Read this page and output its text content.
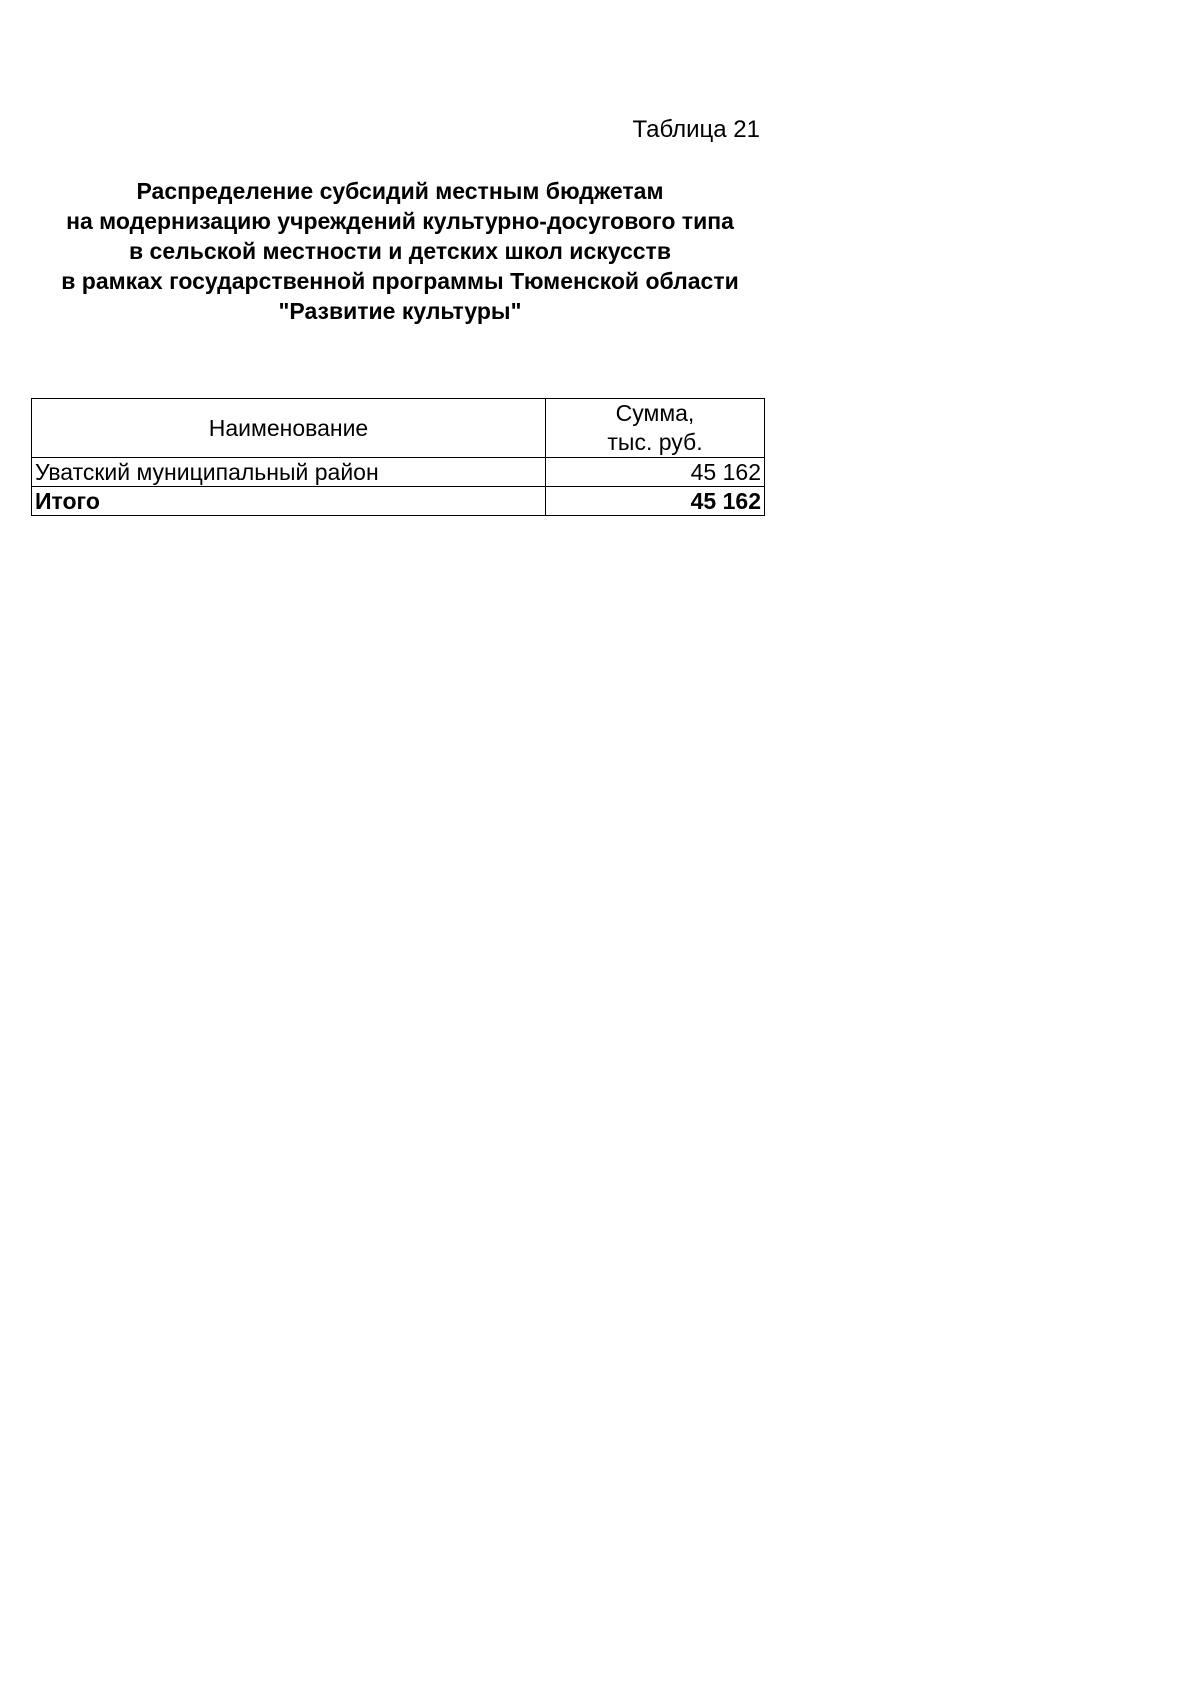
Таблица 21
Распределение субсидий местным бюджетам
на модернизацию учреждений культурно-досугового типа
в сельской местности и детских школ искусств
в рамках государственной программы Тюменской области
"Развитие культуры"
Наименование	Сумма,
тыс. руб.

Уватский муниципальный район	45 162
Итого	45 162
